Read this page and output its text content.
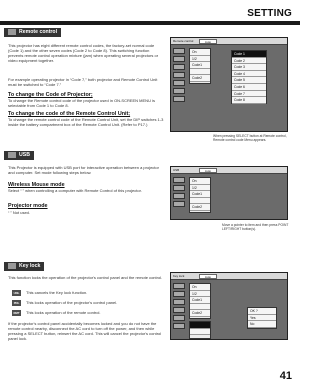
SETTING
Remote control
This projector has eight different remote control codes, the factory-set normal code (Code 1) and the other seven codes (Code 2 to Code 8). This switching function prevents remote control operation mixture (jam) when operating several projectors or video equipment together.
For example operating projector in “Code 7,” both projector and Remote Control Unit must be switched to “Code 7.”
To change the Code of Projector;
To change the Remote control code of the projector used in ON-SCREEN MENU is selectable from Code 1 to Code 8.
To change the code of the Remote Control Unit;
To change the remote control code of the Remote Control Unit, set the DIP switches 1-3 inside the battery compartment box of the Remote Control Unit. (Refer to P17.)
Remote control	Auto
On
1/2
Code1
Code2
Code 1
Code 2
Code 3
Code 4
Code 5
Code 6
Code 7
Code 8
When pressing SELECT button at Remote control, Remote control code Menu appears.
USB
This Projector is equipped with USB port for interactive operation between a projector and computer. Set mode following steps below.
Wireless Mouse mode
Select “ ” when controlling a computer with Remote Control of this projector.
Projector mode
“ ” Not used.
USB	Auto
On
1/2
Code1
Code2
Move a pointer to item and then press POINT LEFT/RIGHT button(s).
Key lock
This function locks the operation of the projector's control panel and the remote control.
UNL	This cancels the Key lock function.
PNL	This locks operation of the projector's control panel.
RMT	This locks operation of the remote control.
If the projector's control panel accidentally becomes locked and you do not have the remote control nearby, disconnect the AC cord to turn off the power, and then while pressing a SELECT button, reinsert the AC cord. This will cancel the projector's control panel lock.
Key lock	Auto
On
1/2
Code1
Code2
OK ?
Yes
No
41
